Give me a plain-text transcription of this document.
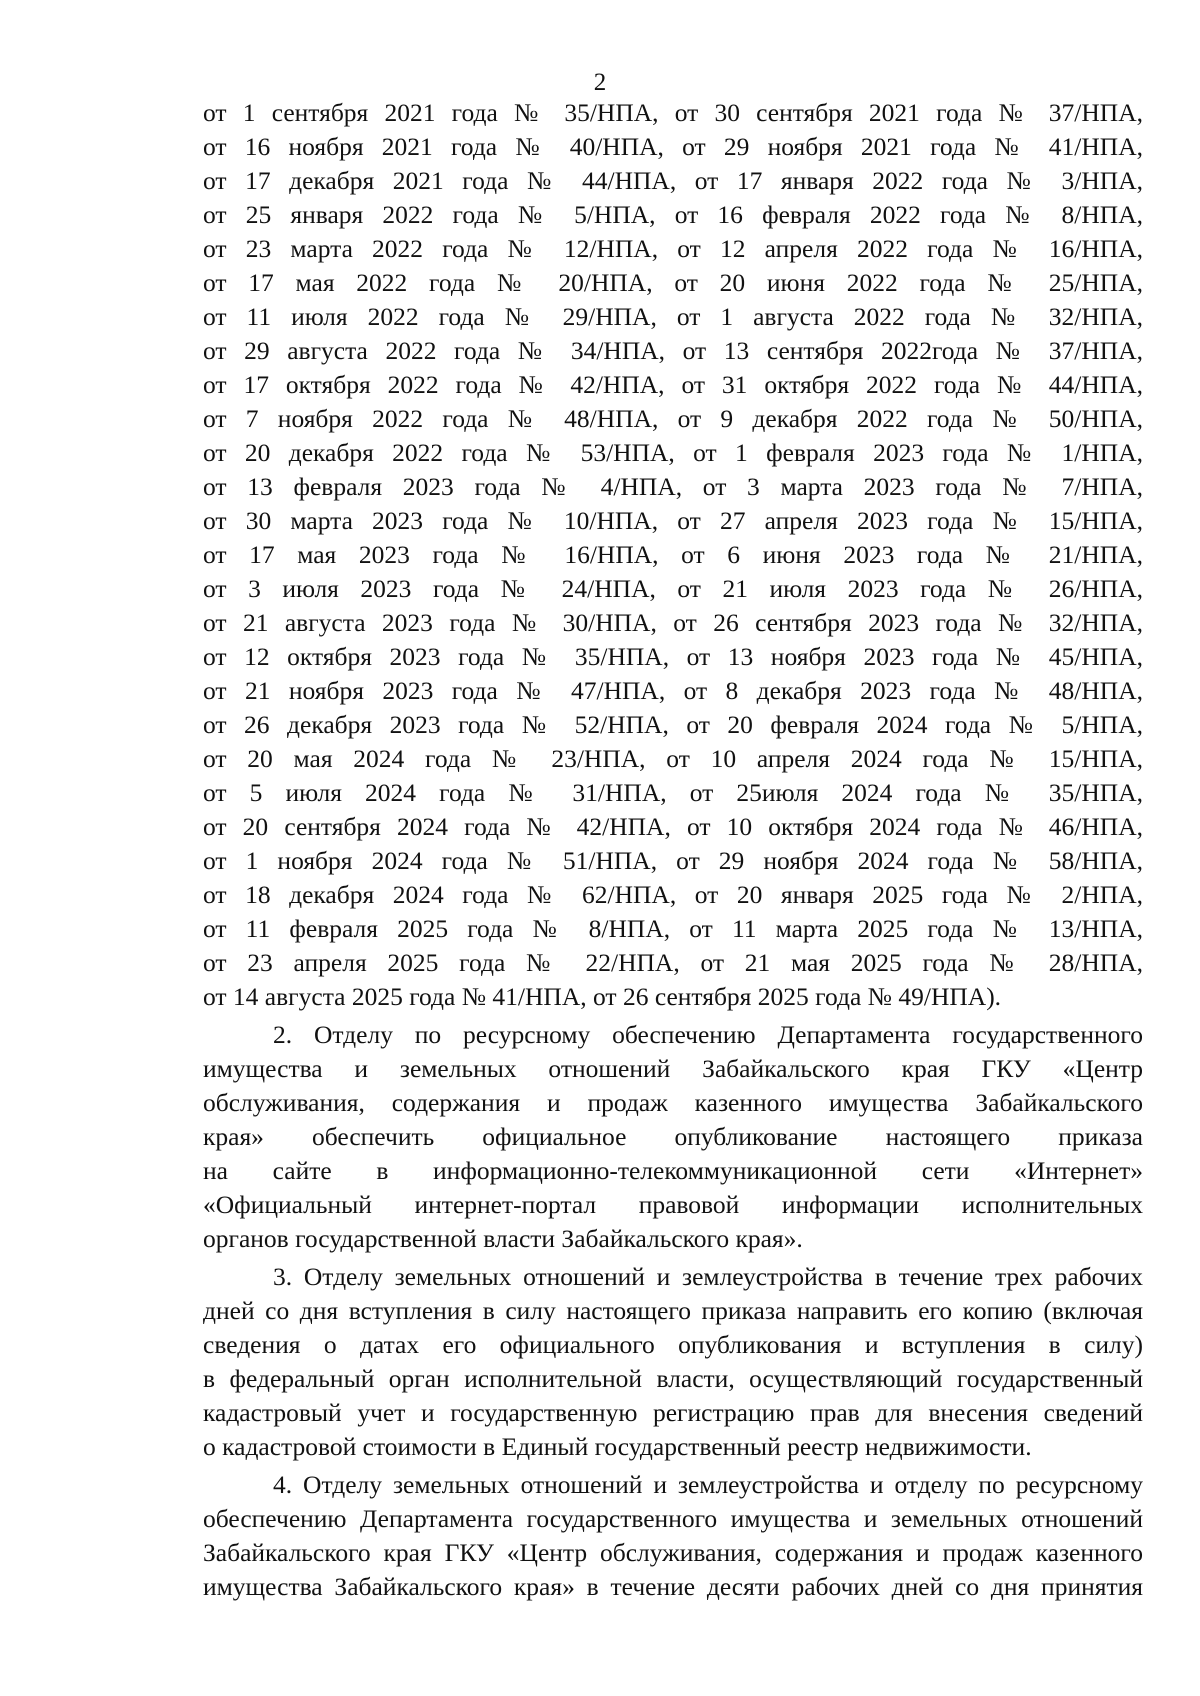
2
от 1 сентября 2021 года № 35/НПА, от 30 сентября 2021 года № 37/НПА,
от 16 ноября 2021 года № 40/НПА, от 29 ноября 2021 года № 41/НПА,
от 17 декабря 2021 года № 44/НПА, от 17 января 2022 года № 3/НПА,
от 25 января 2022 года № 5/НПА, от 16 февраля 2022 года № 8/НПА,
от 23 марта 2022 года № 12/НПА, от 12 апреля 2022 года № 16/НПА,
от 17 мая 2022 года № 20/НПА, от 20 июня 2022 года № 25/НПА,
от 11 июля 2022 года № 29/НПА, от 1 августа 2022 года № 32/НПА,
от 29 августа 2022 года № 34/НПА, от 13 сентября 2022года № 37/НПА,
от 17 октября 2022 года № 42/НПА, от 31 октября 2022 года № 44/НПА,
от 7 ноября 2022 года № 48/НПА, от 9 декабря 2022 года № 50/НПА,
от 20 декабря 2022 года № 53/НПА, от 1 февраля 2023 года № 1/НПА,
от 13 февраля 2023 года № 4/НПА, от 3 марта 2023 года № 7/НПА,
от 30 марта 2023 года № 10/НПА, от 27 апреля 2023 года № 15/НПА,
от 17 мая 2023 года № 16/НПА, от 6 июня 2023 года № 21/НПА,
от 3 июля 2023 года № 24/НПА, от 21 июля 2023 года № 26/НПА,
от 21 августа 2023 года № 30/НПА, от 26 сентября 2023 года № 32/НПА,
от 12 октября 2023 года № 35/НПА, от 13 ноября 2023 года № 45/НПА,
от 21 ноября 2023 года № 47/НПА, от 8 декабря 2023 года № 48/НПА,
от 26 декабря 2023 года № 52/НПА, от 20 февраля 2024 года № 5/НПА,
от 20 мая 2024 года № 23/НПА, от 10 апреля 2024 года № 15/НПА,
от 5 июля 2024 года № 31/НПА, от 25июля 2024 года № 35/НПА,
от 20 сентября 2024 года № 42/НПА, от 10 октября 2024 года № 46/НПА,
от 1 ноября 2024 года № 51/НПА, от 29 ноября 2024 года № 58/НПА,
от 18 декабря 2024 года № 62/НПА, от 20 января 2025 года № 2/НПА,
от 11 февраля 2025 года № 8/НПА, от 11 марта 2025 года № 13/НПА,
от 23 апреля 2025 года № 22/НПА, от 21 мая 2025 года № 28/НПА,
от 14 августа 2025 года № 41/НПА, от 26 сентября 2025 года № 49/НПА).
2. Отделу по ресурсному обеспечению Департамента государственного
имущества и земельных отношений Забайкальского края ГКУ «Центр
обслуживания, содержания и продаж казенного имущества Забайкальского
края» обеспечить официальное опубликование настоящего приказа
на сайте в информационно-телекоммуникационной сети «Интернет»
«Официальный интернет-портал правовой информации исполнительных
органов государственной власти Забайкальского края».
3. Отделу земельных отношений и землеустройства в течение трех рабочих
дней со дня вступления в силу настоящего приказа направить его копию (включая
сведения о датах его официального опубликования и вступления в силу)
в федеральный орган исполнительной власти, осуществляющий государственный
кадастровый учет и государственную регистрацию прав для внесения сведений
о кадастровой стоимости в Единый государственный реестр недвижимости.
4. Отделу земельных отношений и землеустройства и отделу по ресурсному
обеспечению Департамента государственного имущества и земельных отношений
Забайкальского края ГКУ «Центр обслуживания, содержания и продаж казенного
имущества Забайкальского края» в течение десяти рабочих дней со дня принятия
